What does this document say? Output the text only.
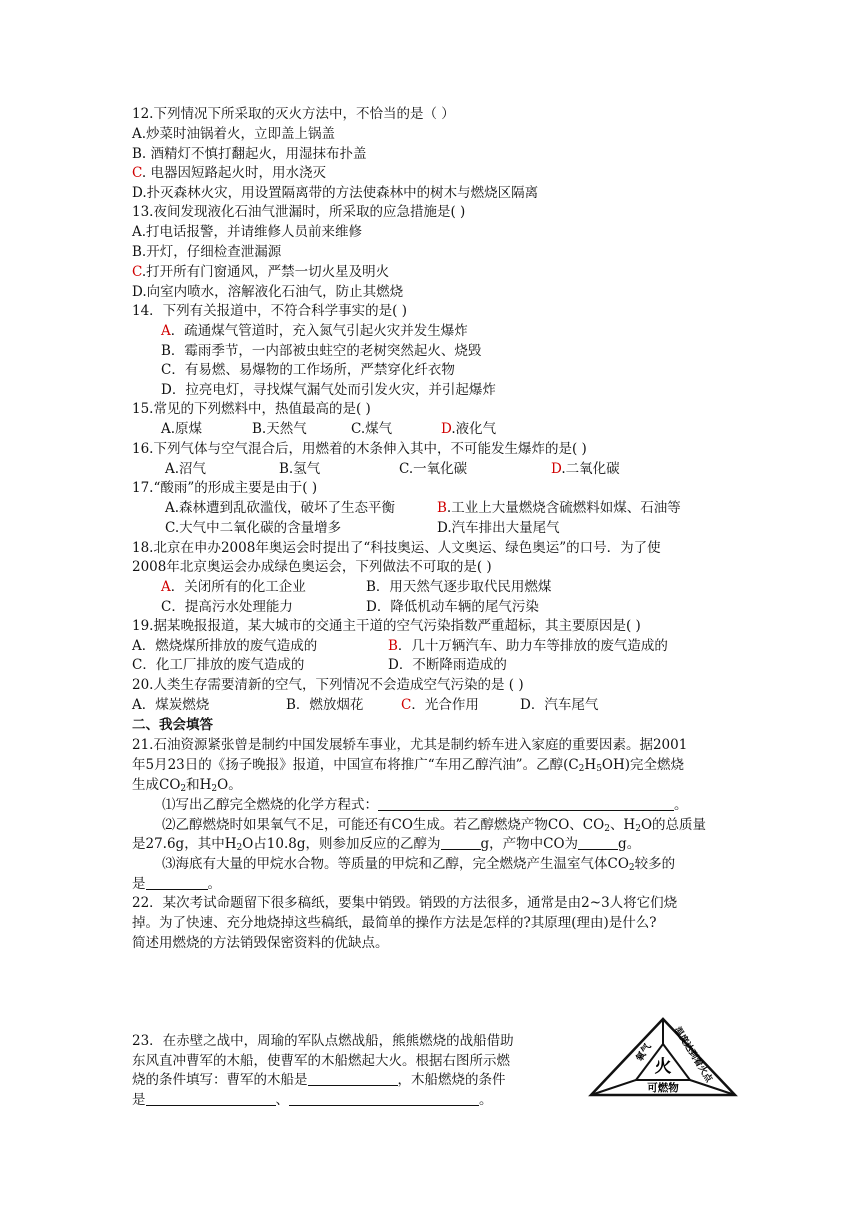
12.下列情况下所采取的灭火方法中，不恰当的是（ ）
A.炒菜时油锅着火，立即盖上锅盖
B. 酒精灯不慎打翻起火，用湿抹布扑盖
C. 电器因短路起火时，用水浇灭
D.扑灭森林火灾，用设置隔离带的方法使森林中的树木与燃烧区隔离
13.夜间发现液化石油气泄漏时，所采取的应急措施是( )
A.打电话报警，并请维修人员前来维修
B.开灯，仔细检查泄漏源
C.打开所有门窗通风，严禁一切火星及明火
D.向室内喷水，溶解液化石油气，防止其燃烧
14．下列有关报道中，不符合科学事实的是( )
A．疏通煤气管道时，充入氮气引起火灾并发生爆炸
B．霉雨季节，一内部被虫蛀空的老树突然起火、烧毁
C．有易燃、易爆物的工作场所，严禁穿化纤衣物
D．拉亮电灯，寻找煤气漏气处而引发火灾，并引起爆炸
15.常见的下列燃料中，热值最高的是( )
A.原煤	B.天然气	C.煤气	D.液化气
16.下列气体与空气混合后，用燃着的木条伸入其中，不可能发生爆炸的是( )
A.沼气	B.氢气	C.一氧化碳	D.二氧化碳
17.“酸雨”的形成主要是由于( )
A.森林遭到乱砍滥伐，破坏了生态平衡	B.工业上大量燃烧含硫燃料如煤、石油等
C.大气中二氧化碳的含量增多	D.汽车排出大量尾气
18.北京在申办2008年奥运会时提出了“科技奥运、人文奥运、绿色奥运”的口号．为了使
2008年北京奥运会办成绿色奥运会，下列做法不可取的是( )
A．关闭所有的化工企业	B．用天然气逐步取代民用燃煤
C．提高污水处理能力	D．降低机动车辆的尾气污染
19.据某晚报报道，某大城市的交通主干道的空气污染指数严重超标，其主要原因是( )
A．燃烧煤所排放的废气造成的	B．几十万辆汽车、助力车等排放的废气造成的
C．化工厂排放的废气造成的	D．不断降雨造成的
20.人类生存需要清新的空气，下列情况不会造成空气污染的是 ( )
A．煤炭燃烧	B．燃放烟花	C．光合作用	D．汽车尾气
二、我会填答
21.石油资源紧张曾是制约中国发展轿车事业，尤其是制约轿车进入家庭的重要因素。据2001
年5月23日的《扬子晚报》报道，中国宣布将推广“车用乙醇汽油”。乙醇$(C_2H_5OH)$完全燃烧
生成$CO_2$和$H_2O$。
⑴写出乙醇完全燃烧的化学方程式：	。
⑵乙醇燃烧时如果氧气不足，可能还有CO生成。若乙醇燃烧产物CO、$CO_2$、$H_2O$的总质量
是27.6g，其中$H_2O$占10.8g，则参加反应的乙醇为	g，产物中CO为	g。
⑶海底有大量的甲烷水合物。等质量的甲烷和乙醇，完全燃烧产生温室气体$CO_2$较多的
是	。
22．某次考试命题留下很多稿纸，要集中销毁。销毁的方法很多，通常是由2~3人将它们烧
掉。为了快速、充分地烧掉这些稿纸，最简单的操作方法是怎样的?其原理(理由)是什么?
简述用燃烧的方法销毁保密资料的优缺点。
23．在赤壁之战中，周瑜的军队点燃战船，熊熊燃烧的战船借助
东风直冲曹军的木船，使曹军的木船燃起大火。根据右图所示燃
烧的条件填写：曹军的木船是	，木船燃烧的条件
是	、	。
火
氧气 温度达到着火点
可燃物
